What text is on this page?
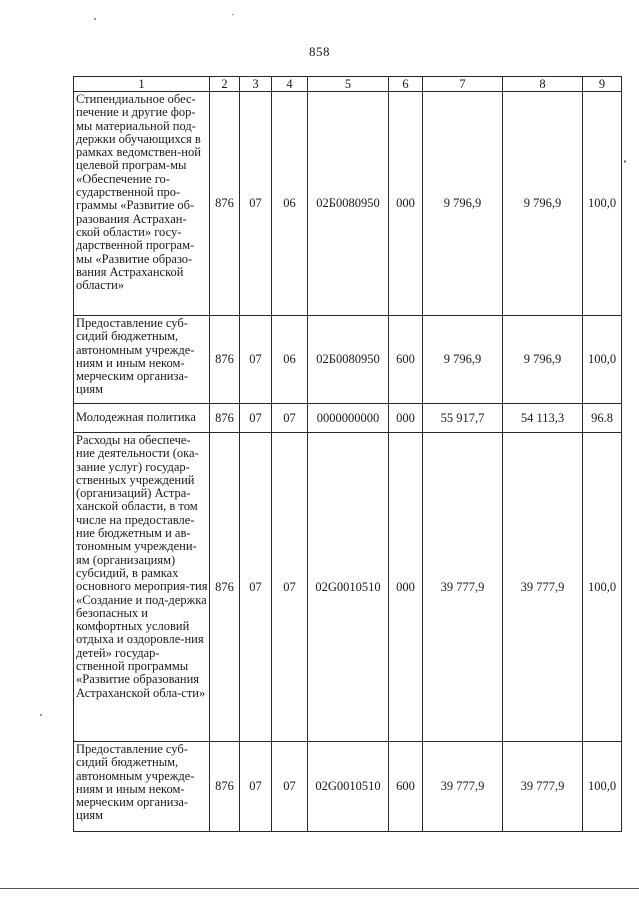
858
1	2	3	4	5	6	7	8	9
Стипендиальное обес-печение и другие фор-мы материальной под-держки обучающихся в рамках ведомствен-ной целевой програм-мы «Обеспечение го-сударственной про-граммы «Развитие об-разования Астрахан-ской области» госу-дарственной програм-мы «Развитие образо-вания Астраханской области»	876	07	06	02Б0080950	000	9 796,9	9 796,9	100,0
Предоставление суб-сидий бюджетным, автономным учрежде-ниям и иным неком-мерческим организа-циям	876	07	06	02Б0080950	600	9 796,9	9 796,9	100,0
Молодежная политика	876	07	07	0000000000	000	55 917,7	54 113,3	96.8
Расходы на обеспече-ние деятельности (ока-зание услуг) государ-ственных учреждений (организаций) Астра-ханской области, в том числе на предоставле-ние бюджетным и ав-тономным учреждени-ям (организациям) субсидий, в рамках основного мероприя-тия «Создание и под-держка безопасных и комфортных условий отдыха и оздоровле-ния детей» государ-ственной программы «Развитие образования Астраханской обла-сти»	876	07	07	02G0010510	000	39 777,9	39 777,9	100,0
Предоставление суб-сидий бюджетным, автономным учрежде-ниям и иным неком-мерческим организа-циям	876	07	07	02G0010510	600	39 777,9	39 777,9	100,0
